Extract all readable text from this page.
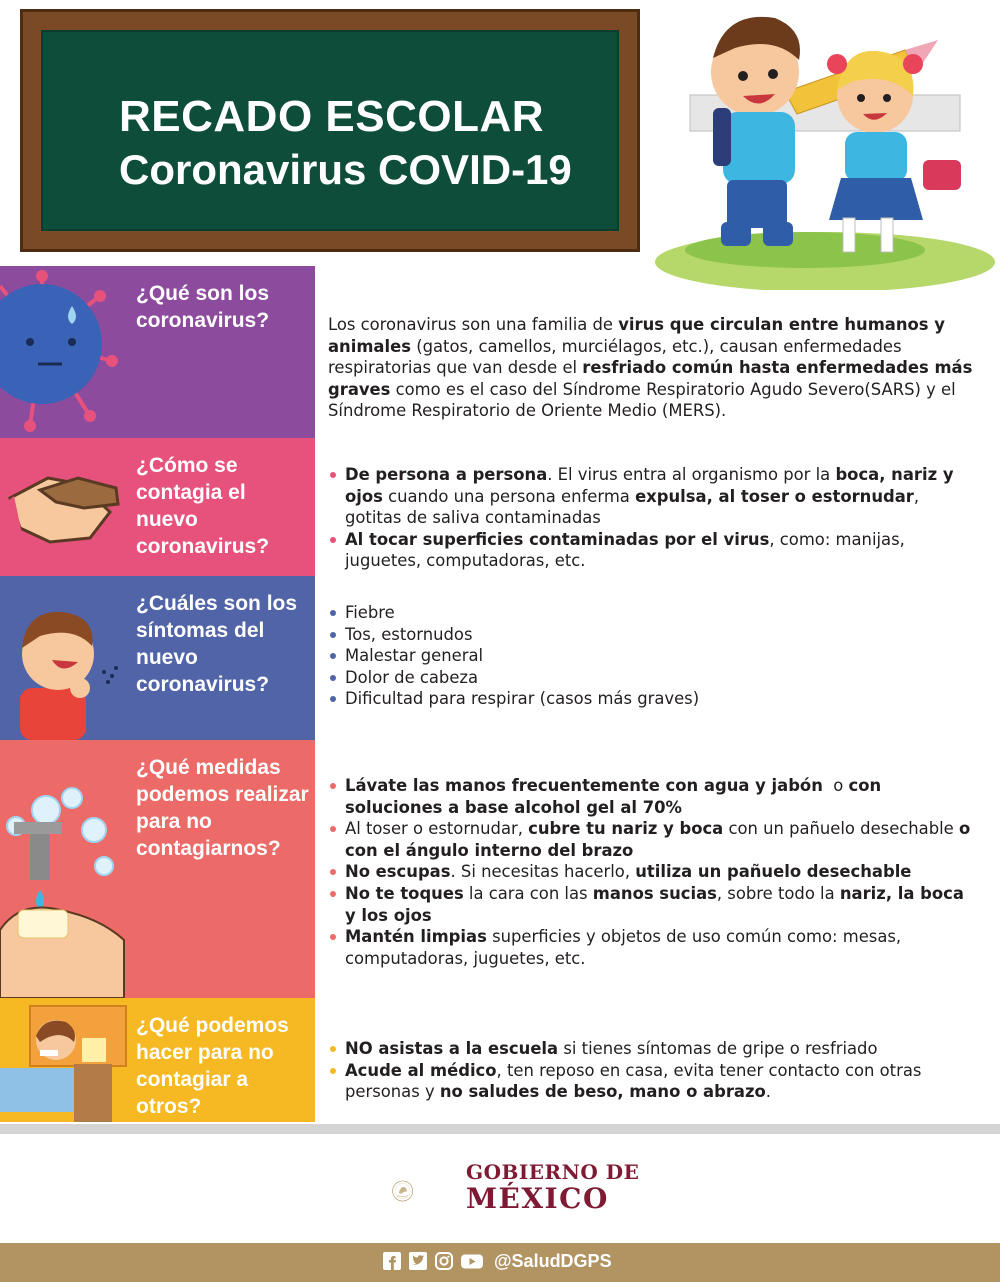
RECADO ESCOLAR
Coronavirus COVID-19

¿Qué son los coronavirus?	Los coronavirus son una familia de virus que circulan entre humanos y animales (gatos, camellos, murciélagos, etc.), causan enfermedades respiratorias que van desde el resfriado común hasta enfermedades más graves como es el caso del Síndrome Respiratorio Agudo Severo(SARS) y el Síndrome Respiratorio de Oriente Medio (MERS).

¿Cómo se contagia el nuevo coronavirus?

De persona a persona. El virus entra al organismo por la boca, nariz y ojos cuando una persona enferma expulsa, al toser o estornudar, gotitas de saliva contaminadas
Al tocar superficies contaminadas por el virus, como: manijas, juguetes, computadoras, etc.

¿Cuáles son los síntomas del nuevo coronavirus?

Fiebre
Tos, estornudos
Malestar general
Dolor de cabeza
Dificultad para respirar (casos más graves)

¿Qué medidas podemos realizar para no contagiarnos?

Lávate las manos frecuentemente con agua y jabón  o con soluciones a base alcohol gel al 70%
Al toser o estornudar, cubre tu nariz y boca con un pañuelo desechable o con el ángulo interno del brazo
No escupas. Si necesitas hacerlo, utiliza un pañuelo desechable
No te toques la cara con las manos sucias, sobre todo la nariz, la boca y los ojos
Mantén limpias superficies y objetos de uso común como: mesas, computadoras, juguetes, etc.

¿Qué podemos hacer para no contagiar a otros?

NO asistas a la escuela si tienes síntomas de gripe o resfriado
Acude al médico, ten reposo en casa, evita tener contacto con otras personas y no saludes de beso, mano o abrazo.

GOBIERNO DE
MÉXICO

@SaludDGPS
